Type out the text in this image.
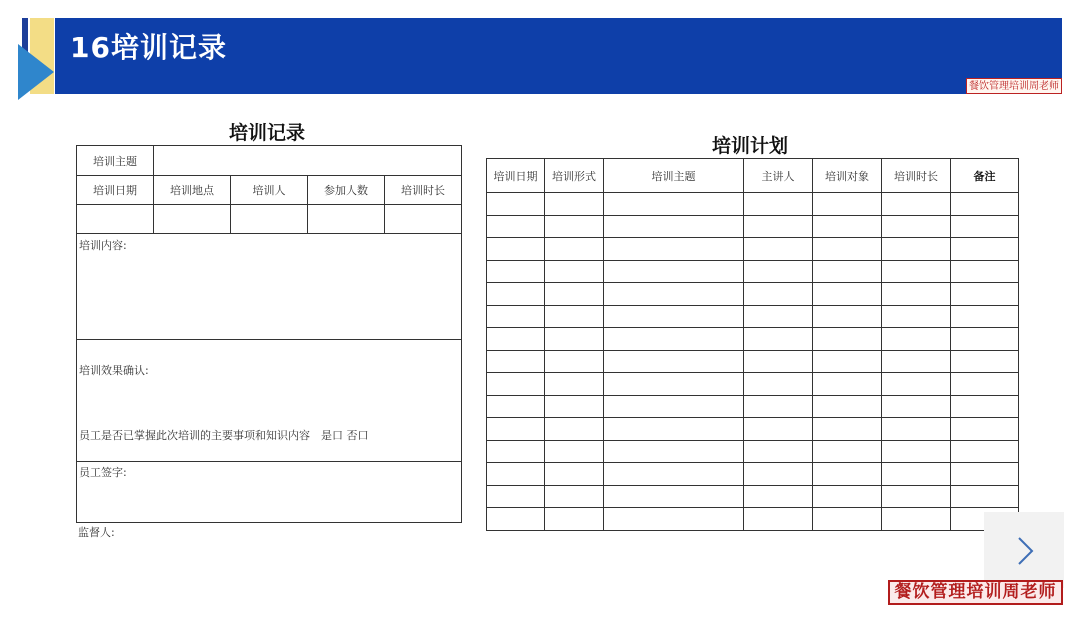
16培训记录
餐饮管理培训周老师
培训记录
培训主题
培训日期	培训地点	培训人	参加人数	培训时长
培训内容:
培训效果确认:
员工是否已掌握此次培训的主要事项和知识内容　是口 否口
员工签字:
监督人:
培训计划
培训日期	培训形式	培训主题	主讲人	培训对象	培训时长	备注

餐饮管理培训周老师
